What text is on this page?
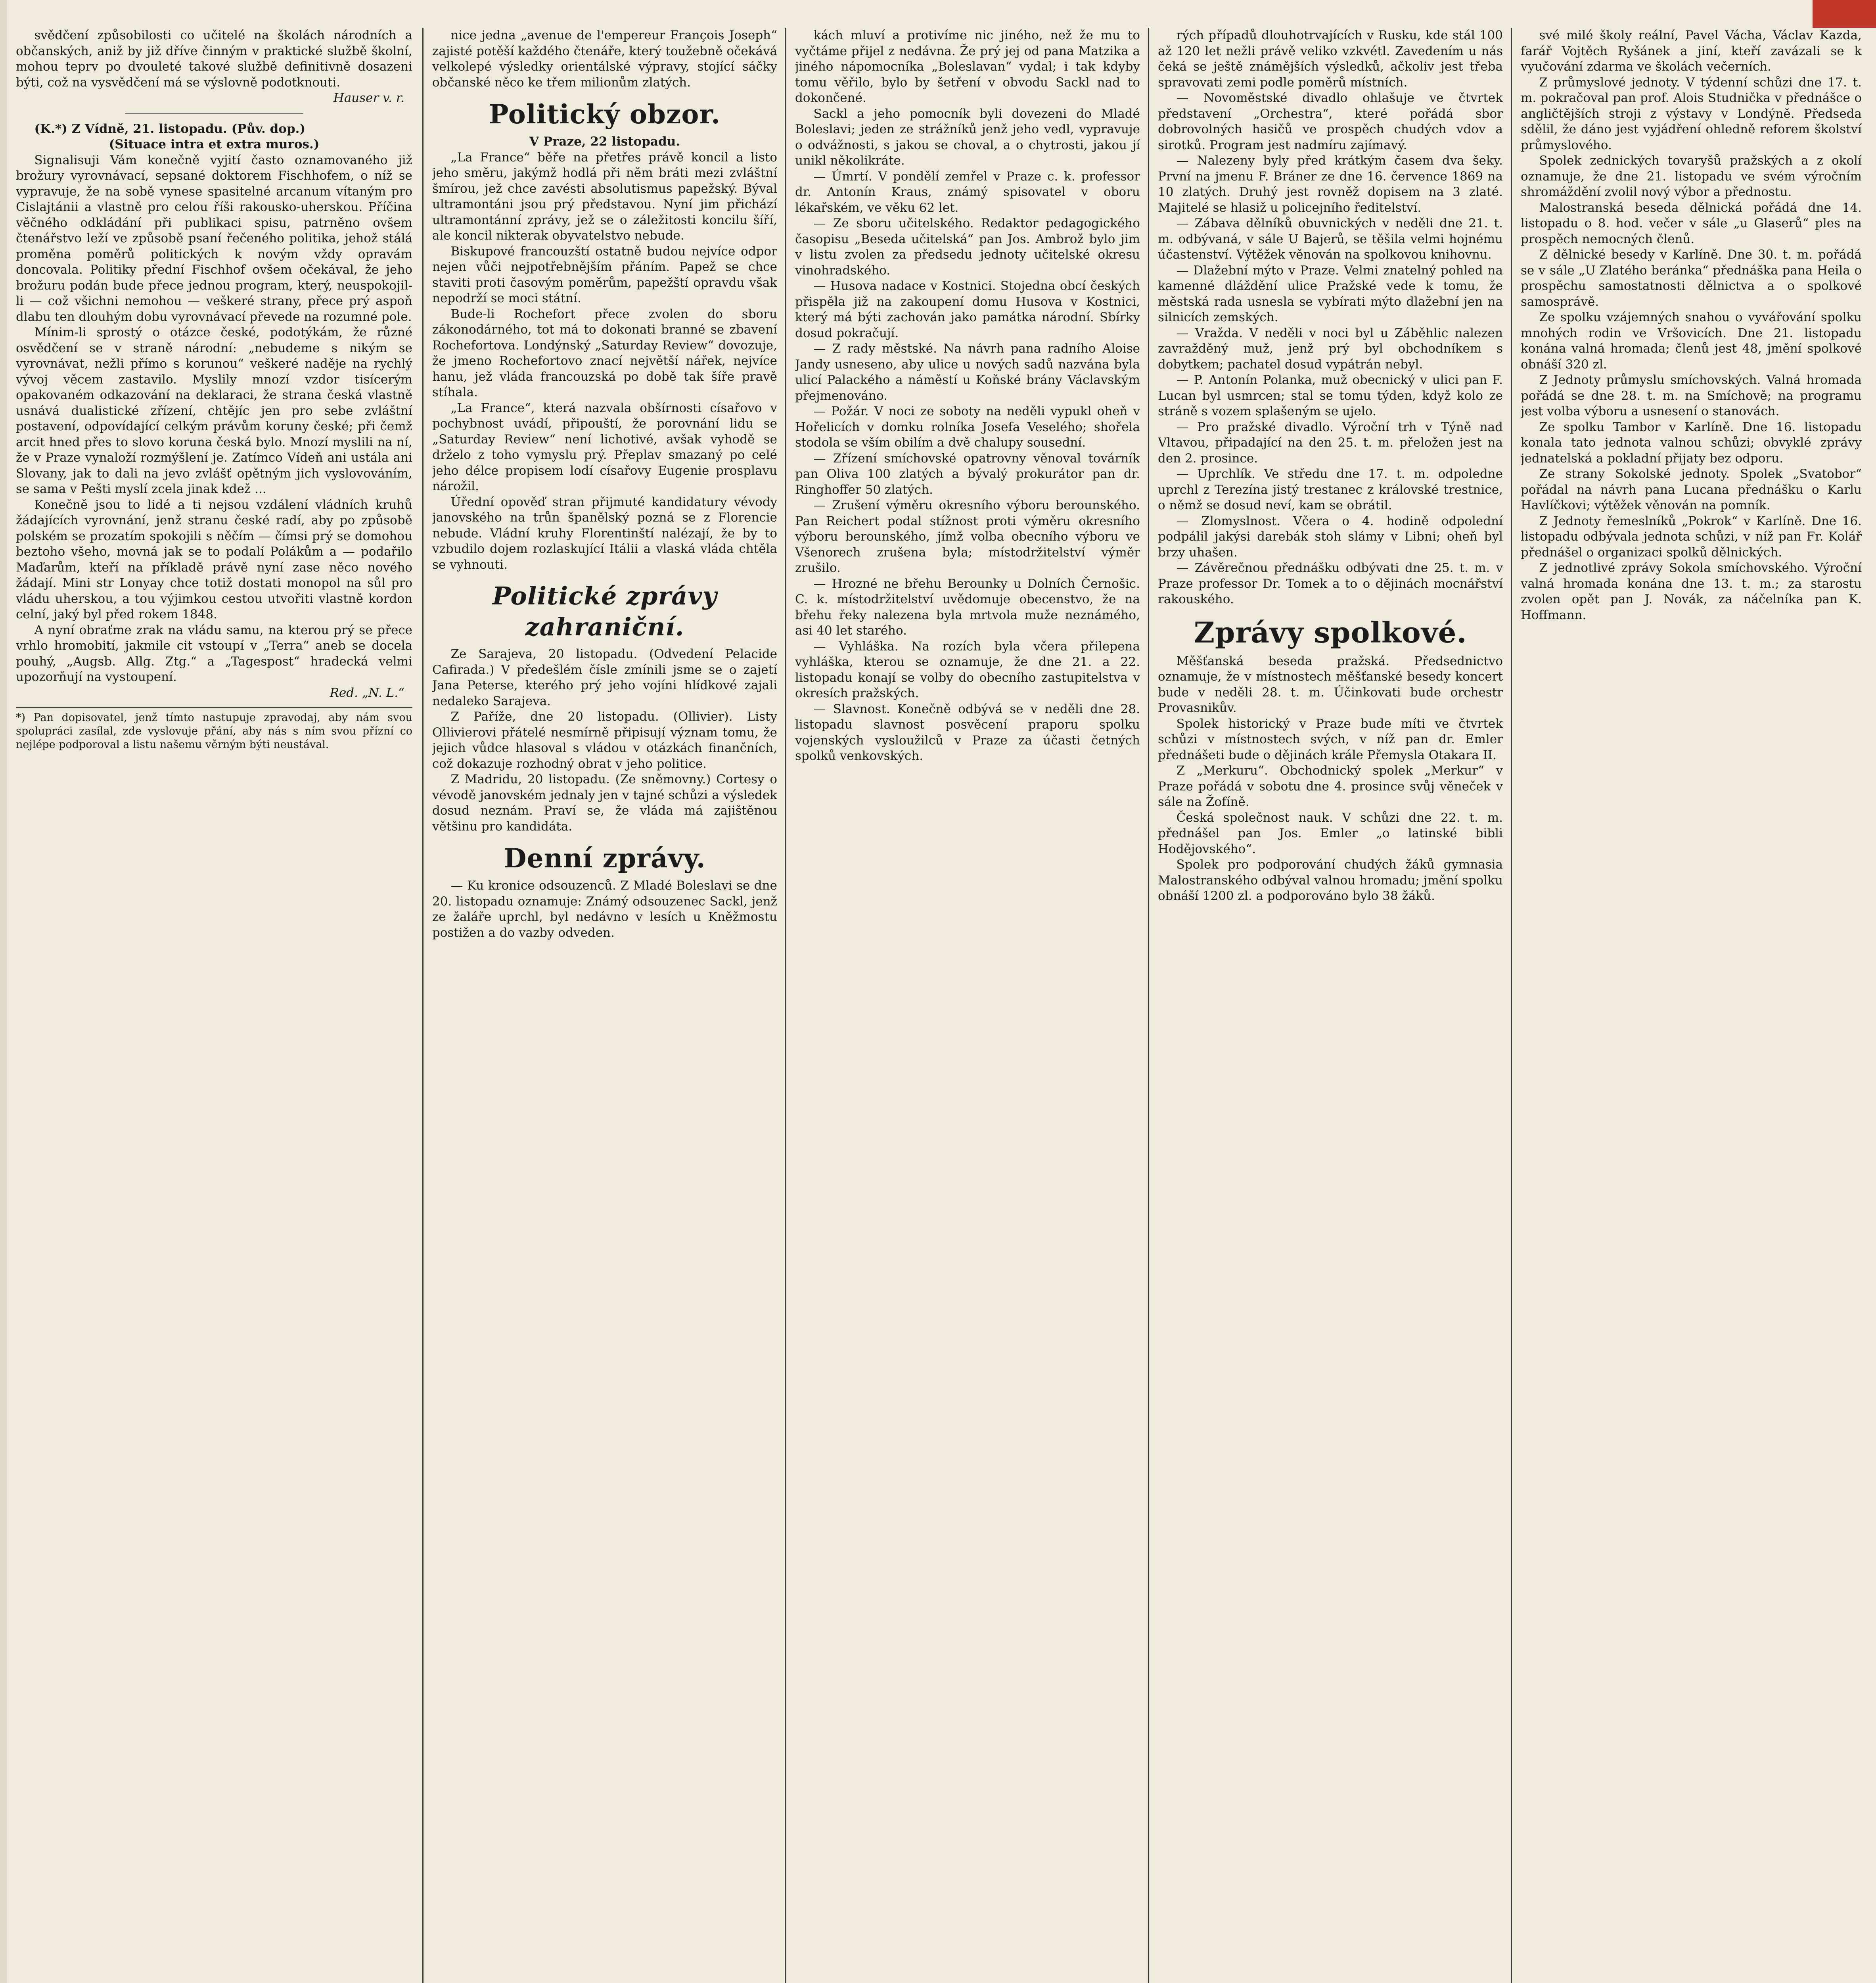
svědčení způsobilosti co učitelé na školách národních a občanských, aniž by již dříve činným v praktické službě školní, mohou teprv po dvouleté takové službě definitivně dosazeni býti, což na vysvědčení má se výslovně podotknouti.

Hauser v. r.

(K.*) Z Vídně, 21. listopadu. (Pův. dop.)

(Situace intra et extra muros.)

Signalisuji Vám konečně vyjití často oznamovaného již brožury vyrovnávací, sepsané doktorem Fischhofem, o níž se vypravuje, že na sobě vynese spasitelné arcanum vítaným pro Cislajtánii a vlastně pro celou říši rakousko-uherskou. Příčina věčného odkládání při publikaci spisu, patrněno ovšem čtenářstvo leží ve způsobě psaní řečeného politika, jehož stálá proměna poměrů politických k novým vždy opravám doncovala. Politiky přední Fischhof ovšem očekával, že jeho brožuru podán bude přece jednou program, který, neuspokojil-li — což všichni nemohou — veškeré strany, přece prý aspoň dlabu ten dlouhým dobu vyrovnávací převede na rozumné pole.

Mínim-li sprostý o otázce české, podotýkám, že různé osvědčení se v straně národní: „nebudeme s nikým se vyrovnávat, nežli přímo s korunou“ veškeré naděje na rychlý vývoj věcem zastavilo. Myslily mnozí vzdor tisícerým opakovaném odkazování na deklaraci, že strana česká vlastně usnává dualistické zřízení, chtějíc jen pro sebe zvláštní postavení, odpovídající celkým právům koruny české; při čemž arcit hned přes to slovo koruna česká bylo. Mnozí myslili na ní, že v Praze vynaloží rozmýšlení je. Zatímco Vídeň ani ustála ani Slovany, jak to dali na jevo zvlášť opětným jich vyslovováním, se sama v Pešti myslí zcela jinak kdež ...

Konečně jsou to lidé a ti nejsou vzdálení vládních kruhů žádajících vyrovnání, jenž stranu české radí, aby po způsobě polském se prozatím spokojili s něčím — čímsi prý se domohou beztoho všeho, movná jak se to podalí Polákům a — podařilo Maďarům, kteří na příkladě právě nyní zase něco nového žádají. Mini str Lonyay chce totiž dostati monopol na sůl pro vládu uherskou, a tou výjimkou cestou utvořiti vlastně kordon celní, jaký byl před rokem 1848.

A nyní obraťme zrak na vládu samu, na kterou prý se přece vrhlo hromobití, jakmile cit vstoupí v „Terra“ aneb se docela pouhý, „Augsb. Allg. Ztg.“ a „Tagespost“ hradecká velmi upozorňují na vystoupení.

Red. „N. L.“
*) Pan dopisovatel, jenž tímto nastupuje zpravodaj, aby nám svou spolupráci zasílal, zde vyslovuje přání, aby nás s ním svou přízní co nejlépe podporoval a listu našemu věrným býti neustával.

nice jedna „avenue de l'empereur François Joseph“ zajisté potěší každého čtenáře, který toužebně očekává velkolepé výsledky orientálské výpravy, stojící sáčky občanské něco ke třem milionům zlatých.

Politický obzor.
V Praze, 22 listopadu.

„La France“ běře na přetřes právě koncil a listo jeho směru, jakýmž hodlá při něm bráti mezi zvláštní šmírou, jež chce zavésti absolutismus papežský. Býval ultramontáni jsou prý představou. Nyní jim přichází ultramontánní zprávy, jež se o záležitosti koncilu šíří, ale koncil nikterak obyvatelstvo nebude.

Biskupové francouzští ostatně budou nejvíce odpor nejen vůči nejpotřebnějším přáním. Papež se chce staviti proti časovým poměrům, papežští opravdu však nepodrží se moci státní.

Bude-li Rochefort přece zvolen do sboru zákonodárného, tot má to dokonati branné se zbavení Rochefortova. Londýnský „Saturday Review“ dovozuje, že jmeno Rochefortovo znací největší nářek, nejvíce hanu, jež vláda francouzská po době tak šíře pravě stíhala.

„La France“, která nazvala obšírnosti císařovo v pochybnost uvádí, připouští, že porovnání lidu se „Saturday Review“ není lichotivé, avšak vyhodě se drželo z toho vymyslu prý. Přeplav smazaný po celé jeho délce propisem lodí císařovy Eugenie prosplavu nárožil.

Úřední opověď stran přijmuté kandidatury vévody janovského na trůn španělský pozná se z Florencie nebude. Vládní kruhy Florentinští nalézají, že by to vzbudilo dojem rozlaskující Itálii a vlaská vláda chtěla se vyhnouti.

Politické zprávy zahraniční.

Ze Sarajeva, 20 listopadu. (Odvedení Pelacide Cafirada.) V předešlém čísle zmínili jsme se o zajetí Jana Peterse, kterého prý jeho vojíni hlídkové zajali nedaleko Sarajeva.

Z Paříže, dne 20 listopadu. (Ollivier). Listy Ollivierovi přátelé nesmírně připisují význam tomu, že jejich vůdce hlasoval s vládou v otázkách finančních, což dokazuje rozhodný obrat v jeho politice.

Z Madridu, 20 listopadu. (Ze sněmovny.) Cortesy o vévodě janovském jednaly jen v tajné schůzi a výsledek dosud neznám. Praví se, že vláda má zajištěnou většinu pro kandidáta.

Denní zprávy.

— Ku kronice odsouzenců. Z Mladé Boleslavi se dne 20. listopadu oznamuje: Známý odsouzenec Sackl, jenž ze žaláře uprchl, byl nedávno v lesích u Kněžmostu postižen a do vazby odveden.

kách mluví a protivíme nic jiného, než že mu to vyčtáme přijel z nedávna. Že prý jej od pana Matzika a jiného nápomocníka „Boleslavan“ vydal; i tak kdyby tomu věřilo, bylo by šetření v obvodu Sackl nad to dokončené.

Sackl a jeho pomocník byli dovezeni do Mladé Boleslavi; jeden ze strážníků jenž jeho vedl, vypravuje o odvážnosti, s jakou se choval, a o chytrosti, jakou jí unikl několikráte.

— Úmrtí. V pondělí zemřel v Praze c. k. professor dr. Antonín Kraus, známý spisovatel v oboru lékařském, ve věku 62 let.

— Ze sboru učitelského. Redaktor pedagogického časopisu „Beseda učitelská“ pan Jos. Ambrož bylo jim v listu zvolen za předsedu jednoty učitelské okresu vinohradského.

— Husova nadace v Kostnici. Stojedna obcí českých přispěla již na zakoupení domu Husova v Kostnici, který má býti zachován jako památka národní. Sbírky dosud pokračují.

— Z rady městské. Na návrh pana radního Aloise Jandy usneseno, aby ulice u nových sadů nazvána byla ulicí Palackého a náměstí u Koňské brány Václavským přejmenováno.

— Požár. V noci ze soboty na neděli vypukl oheň v Hořelicích v domku rolníka Josefa Veselého; shořela stodola se vším obilím a dvě chalupy sousední.

— Zřízení smíchovské opatrovny věnoval továrník pan Oliva 100 zlatých a bývalý prokurátor pan dr. Ringhoffer 50 zlatých.

— Zrušení výměru okresního výboru berounského. Pan Reichert podal stížnost proti výměru okresního výboru berounského, jímž volba obecního výboru ve Všenorech zrušena byla; místodržitelství výměr zrušilo.

— Hrozné ne břehu Berounky u Dolních Černošic. C. k. místodržitelství uvědomuje obecenstvo, že na břehu řeky nalezena byla mrtvola muže neznámého, asi 40 let starého.

— Vyhláška. Na rozích byla včera přilepena vyhláška, kterou se oznamuje, že dne 21. a 22. listopadu konají se volby do obecního zastupitelstva v okresích pražských.

— Slavnost. Konečně odbývá se v neděli dne 28. listopadu slavnost posvěcení praporu spolku vojenských vysloužilců v Praze za účasti četných spolků venkovských.

rých případů dlouhotrvajících v Rusku, kde stál 100 až 120 let nežli právě veliko vzkvétl. Zavedením u nás čeká se ještě známějších výsledků, ačkoliv jest třeba spravovati zemi podle poměrů místních.

— Novoměstské divadlo ohlašuje ve čtvrtek představení „Orchestra“, které pořádá sbor dobrovolných hasičů ve prospěch chudých vdov a sirotků. Program jest nadmíru zajímavý.

— Nalezeny byly před krátkým časem dva šeky. První na jmenu F. Bráner ze dne 16. července 1869 na 10 zlatých. Druhý jest rovněž dopisem na 3 zlaté. Majitelé se hlasiž u policejního ředitelství.

— Zábava dělníků obuvnických v neděli dne 21. t. m. odbývaná, v sále U Bajerů, se těšila velmi hojnému účastenství. Výtěžek věnován na spolkovou knihovnu.

— Dlažební mýto v Praze. Velmi znatelný pohled na kamenné dláždění ulice Pražské vede k tomu, že městská rada usnesla se vybírati mýto dlažební jen na silnicích zemských.

— Vražda. V neděli v noci byl u Záběhlic nalezen zavražděný muž, jenž prý byl obchodníkem s dobytkem; pachatel dosud vypátrán nebyl.

— P. Antonín Polanka, muž obecnický v ulici pan F. Lucan byl usmrcen; stal se tomu týden, když kolo ze stráně s vozem splašeným se ujelo.

— Pro pražské divadlo. Výroční trh v Týně nad Vltavou, připadající na den 25. t. m. přeložen jest na den 2. prosince.

— Uprchlík. Ve středu dne 17. t. m. odpoledne uprchl z Terezína jistý trestanec z královské trestnice, o němž se dosud neví, kam se obrátil.

— Zlomyslnost. Včera o 4. hodině odpolední podpálil jakýsi darebák stoh slámy v Libni; oheň byl brzy uhašen.

— Závěrečnou přednášku odbývati dne 25. t. m. v Praze professor Dr. Tomek a to o dějinách mocnářství rakouského.

Zprávy spolkové.

Měšťanská beseda pražská. Předsednictvo oznamuje, že v místnostech měšťanské besedy koncert bude v neděli 28. t. m. Účinkovati bude orchestr Provasnikův.

Spolek historický v Praze bude míti ve čtvrtek schůzi v místnostech svých, v níž pan dr. Emler přednášeti bude o dějinách krále Přemysla Otakara II.

Z „Merkuru“. Obchodnický spolek „Merkur“ v Praze pořádá v sobotu dne 4. prosince svůj věneček v sále na Žofíně.

Česká společnost nauk. V schůzi dne 22. t. m. přednášel pan Jos. Emler „o latinské bibli Hodějovského“.

Spolek pro podporování chudých žáků gymnasia Malostranského odbýval valnou hromadu; jmění spolku obnáší 1200 zl. a podporováno bylo 38 žáků.

své milé školy reální, Pavel Vácha, Václav Kazda, farář Vojtěch Ryšánek a jiní, kteří zavázali se k vyučování zdarma ve školách večerních.

Z průmyslové jednoty. V týdenní schůzi dne 17. t. m. pokračoval pan prof. Alois Studnička v přednášce o angličtějších stroji z výstavy v Londýně. Předseda sdělil, že dáno jest vyjádření ohledně reforem školství průmyslového.

Spolek zednických tovaryšů pražských a z okolí oznamuje, že dne 21. listopadu ve svém výročním shromáždění zvolil nový výbor a přednostu.

Malostranská beseda dělnická pořádá dne 14. listopadu o 8. hod. večer v sále „u Glaserů“ ples na prospěch nemocných členů.

Z dělnické besedy v Karlíně. Dne 30. t. m. pořádá se v sále „U Zlatého beránka“ přednáška pana Heila o prospěchu samostatnosti dělnictva a o spolkové samosprávě.

Ze spolku vzájemných snahou o vyvářování spolku mnohých rodin ve Vršovicích. Dne 21. listopadu konána valná hromada; členů jest 48, jmění spolkové obnáší 320 zl.

Z Jednoty průmyslu smíchovských. Valná hromada pořádá se dne 28. t. m. na Smíchově; na programu jest volba výboru a usnesení o stanovách.

Ze spolku Tambor v Karlíně. Dne 16. listopadu konala tato jednota valnou schůzi; obvyklé zprávy jednatelská a pokladní přijaty bez odporu.

Ze strany Sokolské jednoty. Spolek „Svatobor“ pořádal na návrh pana Lucana přednášku o Karlu Havlíčkovi; výtěžek věnován na pomník.

Z Jednoty řemeslníků „Pokrok“ v Karlíně. Dne 16. listopadu odbývala jednota schůzi, v níž pan Fr. Kolář přednášel o organizaci spolků dělnických.

Z jednotlivé zprávy Sokola smíchovského. Výroční valná hromada konána dne 13. t. m.; za starostu zvolen opět pan J. Novák, za náčelníka pan K. Hoffmann.
